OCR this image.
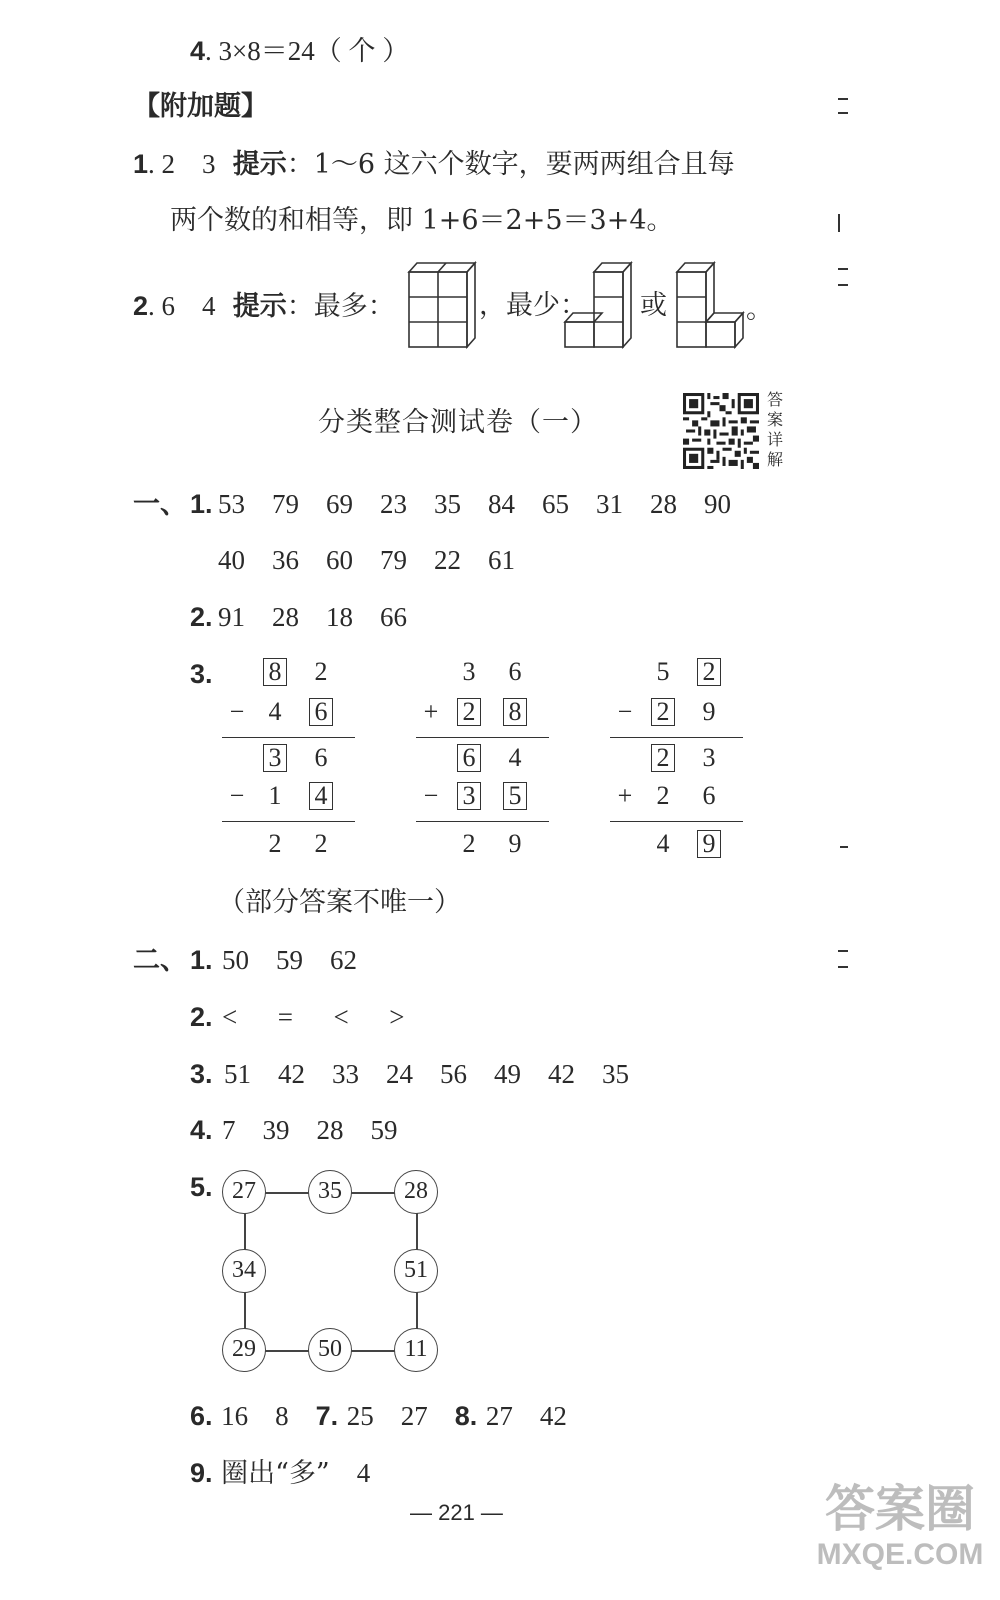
4. 3×8＝24（ 个 ）
【附加题】
1. 2　3 提示：1～6 这六个数字，要两两组合且每
两个数的和相等，即 1+6＝2+5＝3+4。
2. 6　4 提示：最多：	，最少： 或	。
分类整合测试卷（一）
答
案
详
解
一、 1. 53   79   69   23   35   84   65   31   28   90
40   36   60   79   22   61
2. 91   28   18   66
3.	8	2
− 4	6
3	6
− 1	4
2	2
3	6
+ 2	8
6	4
− 3	5
2	9
5	2
− 2	9
2	3
+ 2	6
4	9
（部分答案不唯一）
二、 1. 50   59   62
2. <   =   <   >
3. 51   42   33   24   56   49   42   35
4. 7   39   28   59
5. 27	35	28
34	51
29	50	11
6. 16   8   7. 25   27   8. 27   42
9. 圈出“多”   4
— 221 —	答案圈
MXQE.COM
